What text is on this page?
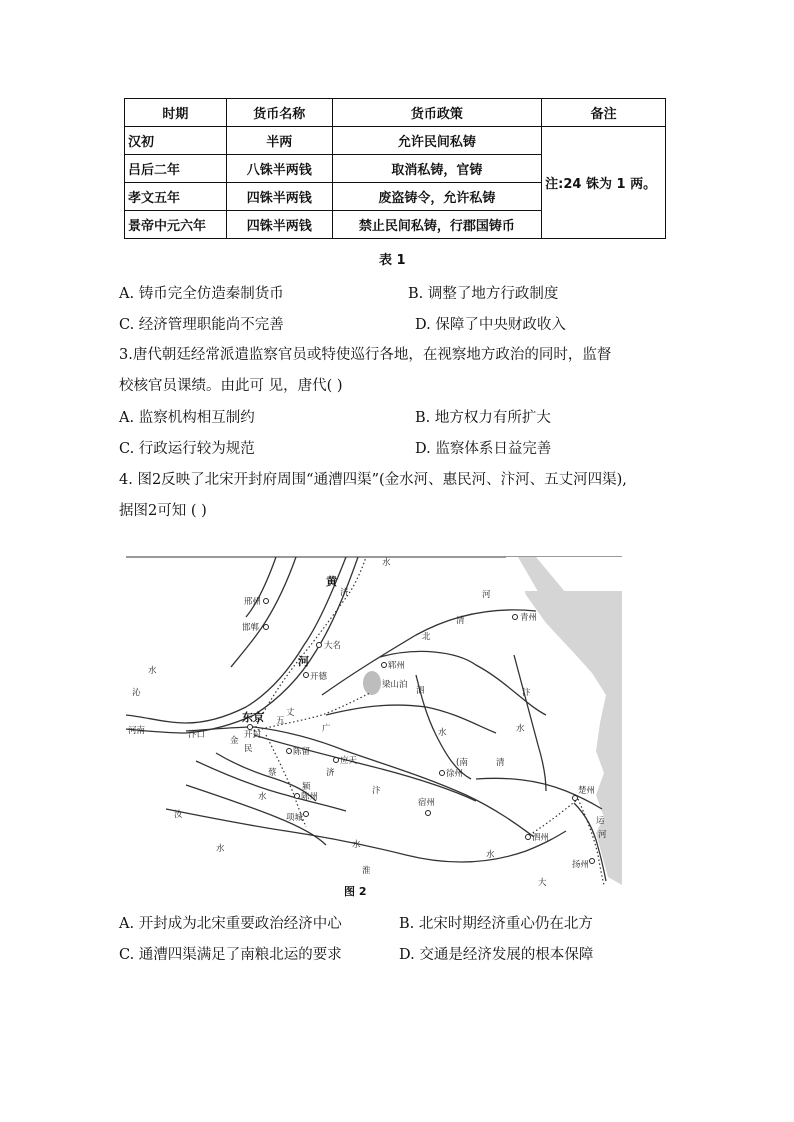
时期	货币名称	货币政策	备注
汉初	半两	允许民间私铸	注:24 铢为 1 两。
吕后二年	八铢半两钱	取消私铸，官铸	
孝文五年	四铢半两钱	废盗铸令，允许私铸	
景帝中元六年	四铢半两钱	禁止民间私铸，行郡国铸币	
表 1
A. 铸币完全仿造秦制货币	B. 调整了地方行政制度
C. 经济管理职能尚不完善	D. 保障了中央财政收入
3.唐代朝廷经常派遣监察官员或特使巡行各地，在视察地方政治的同时，监督
校核官员课绩。由此可 见，唐代( )
A. 监察机构相互制约	B. 地方权力有所扩大
C. 行政运行较为规范	D. 监察体系日益完善
4. 图2反映了北宋开封府周围“通漕四渠”(金水河、惠民河、汴河、五丈河四渠),
据图2可知 ( )
邢州
邯郸
大名
开德
郓州
梁山泊
青州
东京
开封
河南	汴口
陈留
应天
徐州
宿州
陈州
项城
泗州
楚州
扬州
黄
河
水
北
清
河
济
泗	汴
水
水
(南	清
汴
水
济
蔡
民
金
五
丈
广
颍
汝
水
淮
运
河
水
大
沁
水
水
图 2
A. 开封成为北宋重要政治经济中心	B. 北宋时期经济重心仍在北方
C. 通漕四渠满足了南粮北运的要求	D. 交通是经济发展的根本保障
